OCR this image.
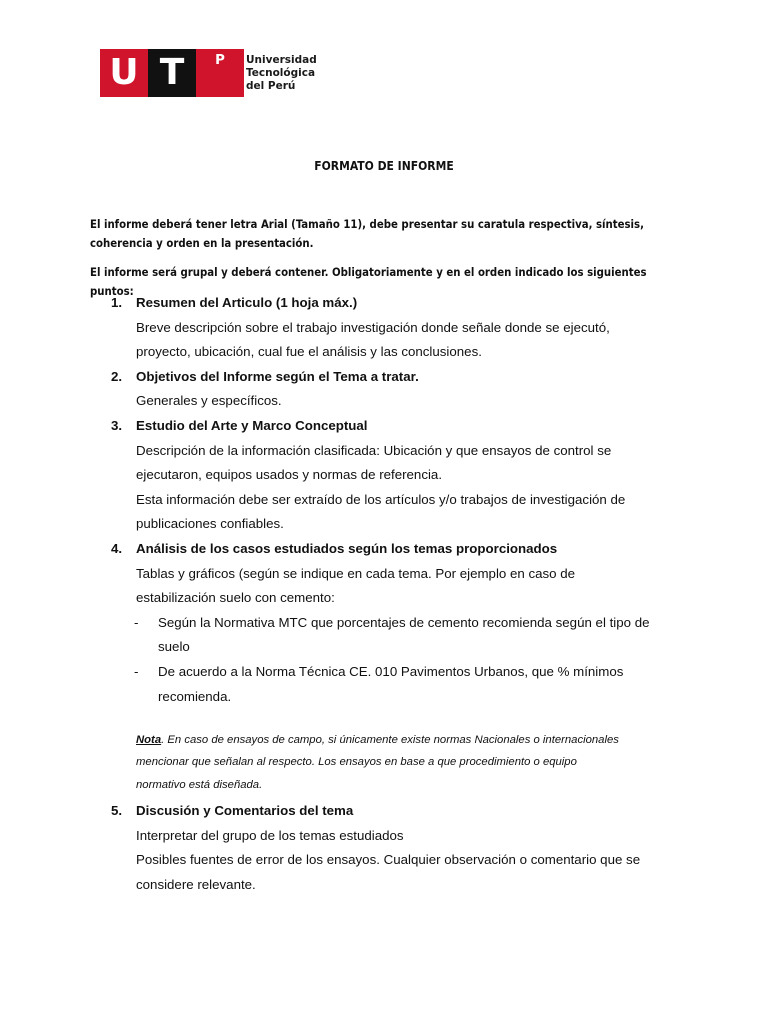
U T	P	Universidad
Tecnológica
del Perú
FORMATO DE INFORME
El informe deberá tener letra Arial (Tamaño 11), debe presentar su caratula respectiva, síntesis,
coherencia y orden en la presentación.
El informe será grupal y deberá contener. Obligatoriamente y en el orden indicado los siguientes puntos:
1. Resumen del Articulo (1 hoja máx.)
Breve descripción sobre el trabajo investigación donde señale donde se ejecutó,
proyecto, ubicación, cual fue el análisis y las conclusiones.
2. Objetivos del Informe según el Tema a tratar.
Generales y específicos.
3. Estudio del Arte y Marco Conceptual
Descripción de la información clasificada: Ubicación y que ensayos de control se
ejecutaron, equipos usados y normas de referencia.
Esta información debe ser extraído de los artículos y/o trabajos de investigación de
publicaciones confiables.
4. Análisis de los casos estudiados según los temas proporcionados
Tablas y gráficos (según se indique en cada tema. Por ejemplo en caso de
estabilización suelo con cemento:
- Según la Normativa MTC que porcentajes de cemento recomienda según el tipo de
suelo
- De acuerdo a la Norma Técnica CE. 010 Pavimentos Urbanos, que % mínimos
recomienda.
Nota. En caso de ensayos de campo, si únicamente existe normas Nacionales o internacionales
mencionar que señalan al respecto. Los ensayos en base a que procedimiento o equipo
normativo está diseñada.
5. Discusión y Comentarios del tema
Interpretar del grupo de los temas estudiados
Posibles fuentes de error de los ensayos. Cualquier observación o comentario que se
considere relevante.
